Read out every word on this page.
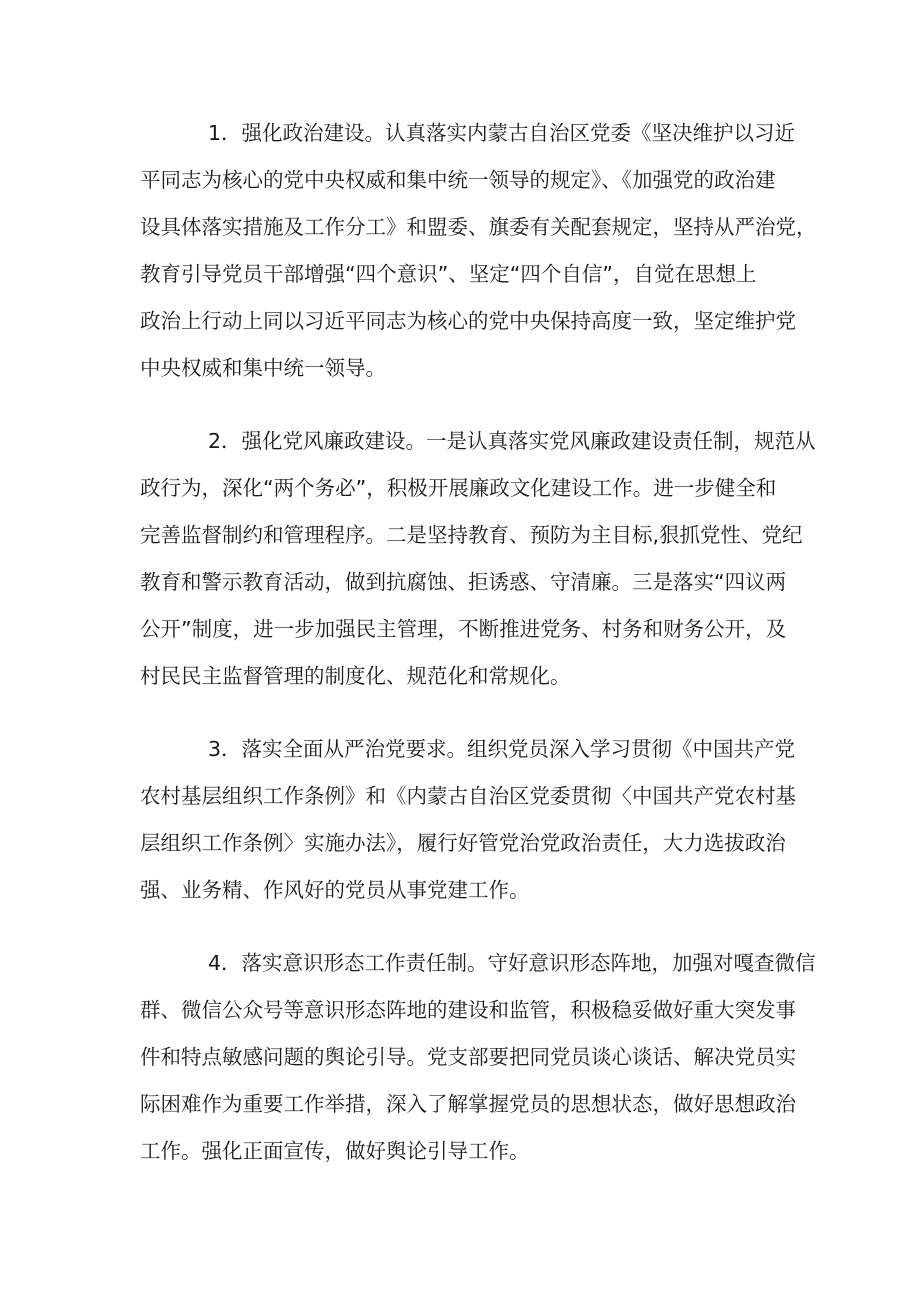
1．强化政治建设。认真落实内蒙古自治区党委《坚决维护以习近
平同志为核心的党中央权威和集中统一领导的规定》、《加强党的政治建
设具体落实措施及工作分工》和盟委、旗委有关配套规定，坚持从严治党，
教育引导党员干部增强“四个意识”、坚定“四个自信”，自觉在思想上
政治上行动上同以习近平同志为核心的党中央保持高度一致，坚定维护党
中央权威和集中统一领导。
2．强化党风廉政建设。一是认真落实党风廉政建设责任制，规范从
政行为，深化“两个务必”，积极开展廉政文化建设工作。进一步健全和
完善监督制约和管理程序。二是坚持教育、预防为主目标,狠抓党性、党纪
教育和警示教育活动，做到抗腐蚀、拒诱惑、守清廉。三是落实“四议两
公开”制度，进一步加强民主管理，不断推进党务、村务和财务公开，及
村民民主监督管理的制度化、规范化和常规化。
3．落实全面从严治党要求。组织党员深入学习贯彻《中国共产党
农村基层组织工作条例》和《内蒙古自治区党委贯彻〈中国共产党农村基
层组织工作条例〉实施办法》，履行好管党治党政治责任，大力选拔政治
强、业务精、作风好的党员从事党建工作。
4．落实意识形态工作责任制。守好意识形态阵地，加强对嘎查微信
群、微信公众号等意识形态阵地的建设和监管，积极稳妥做好重大突发事
件和特点敏感问题的舆论引导。党支部要把同党员谈心谈话、解决党员实
际困难作为重要工作举措，深入了解掌握党员的思想状态，做好思想政治
工作。强化正面宣传，做好舆论引导工作。
